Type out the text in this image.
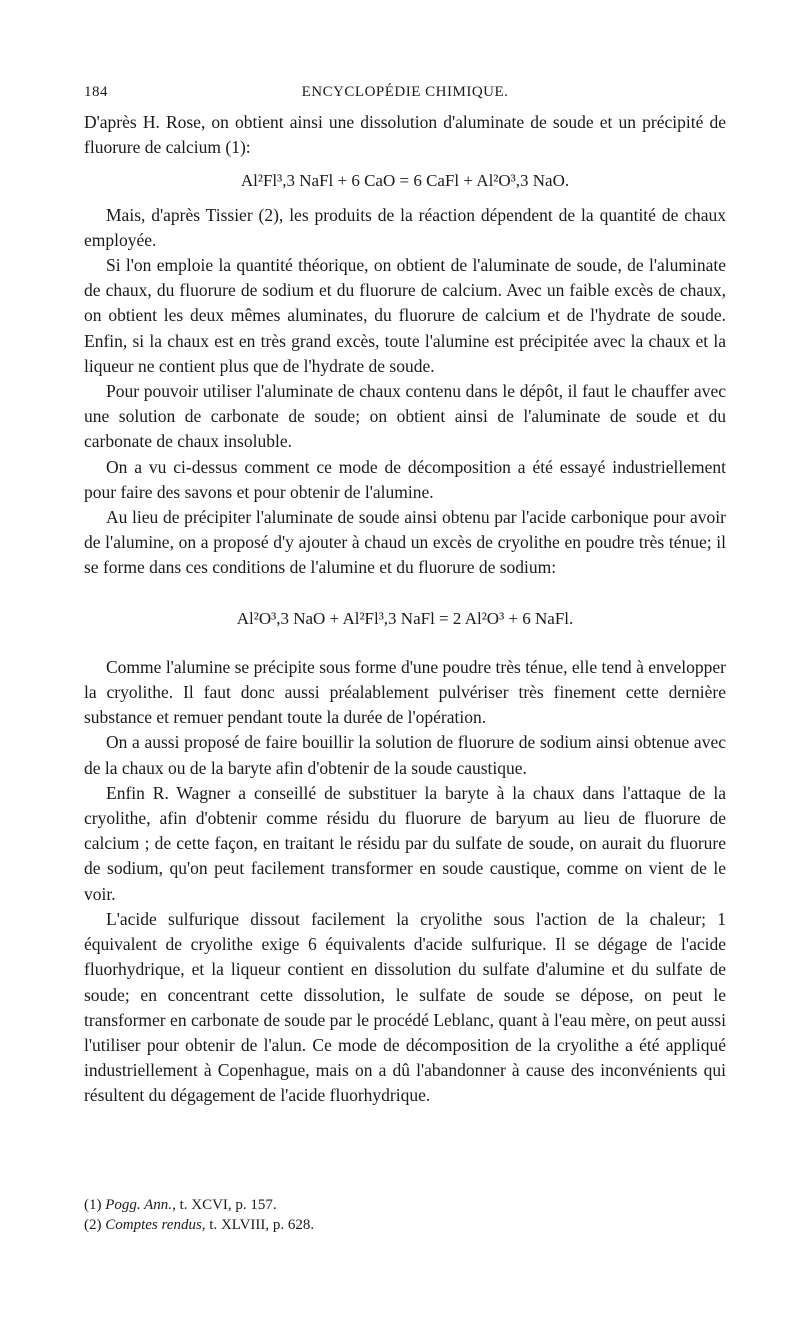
184	ENCYCLOPÉDIE CHIMIQUE.

D'après H. Rose, on obtient ainsi une dissolution d'aluminate de soude et un précipité de fluorure de calcium (1):

Al²Fl³,3 NaFl + 6 CaO = 6 CaFl + Al²O³,3 NaO.

Mais, d'après Tissier (2), les produits de la réaction dépendent de la quantité de chaux employée.

Si l'on emploie la quantité théorique, on obtient de l'aluminate de soude, de l'aluminate de chaux, du fluorure de sodium et du fluorure de calcium. Avec un faible excès de chaux, on obtient les deux mêmes aluminates, du fluorure de calcium et de l'hydrate de soude. Enfin, si la chaux est en très grand excès, toute l'alumine est précipitée avec la chaux et la liqueur ne contient plus que de l'hydrate de soude.

Pour pouvoir utiliser l'aluminate de chaux contenu dans le dépôt, il faut le chauffer avec une solution de carbonate de soude; on obtient ainsi de l'aluminate de soude et du carbonate de chaux insoluble.

On a vu ci-dessus comment ce mode de décomposition a été essayé industriellement pour faire des savons et pour obtenir de l'alumine.

Au lieu de précipiter l'aluminate de soude ainsi obtenu par l'acide carbonique pour avoir de l'alumine, on a proposé d'y ajouter à chaud un excès de cryolithe en poudre très ténue; il se forme dans ces conditions de l'alumine et du fluorure de sodium:

Al²O³,3 NaO + Al²Fl³,3 NaFl = 2 Al²O³ + 6 NaFl.

Comme l'alumine se précipite sous forme d'une poudre très ténue, elle tend à envelopper la cryolithe. Il faut donc aussi préalablement pulvériser très finement cette dernière substance et remuer pendant toute la durée de l'opération.

On a aussi proposé de faire bouillir la solution de fluorure de sodium ainsi obtenue avec de la chaux ou de la baryte afin d'obtenir de la soude caustique.

Enfin R. Wagner a conseillé de substituer la baryte à la chaux dans l'attaque de la cryolithe, afin d'obtenir comme résidu du fluorure de baryum au lieu de fluorure de calcium ; de cette façon, en traitant le résidu par du sulfate de soude, on aurait du fluorure de sodium, qu'on peut facilement transformer en soude caustique, comme on vient de le voir.

L'acide sulfurique dissout facilement la cryolithe sous l'action de la chaleur; 1 équivalent de cryolithe exige 6 équivalents d'acide sulfurique. Il se dégage de l'acide fluorhydrique, et la liqueur contient en dissolution du sulfate d'alumine et du sulfate de soude; en concentrant cette dissolution, le sulfate de soude se dépose, on peut le transformer en carbonate de soude par le procédé Leblanc, quant à l'eau mère, on peut aussi l'utiliser pour obtenir de l'alun. Ce mode de décomposition de la cryolithe a été appliqué industriellement à Copenhague, mais on a dû l'abandonner à cause des inconvénients qui résultent du dégagement de l'acide fluorhydrique.

(1) Pogg. Ann., t. XCVI, p. 157.

(2) Comptes rendus, t. XLVIII, p. 628.
